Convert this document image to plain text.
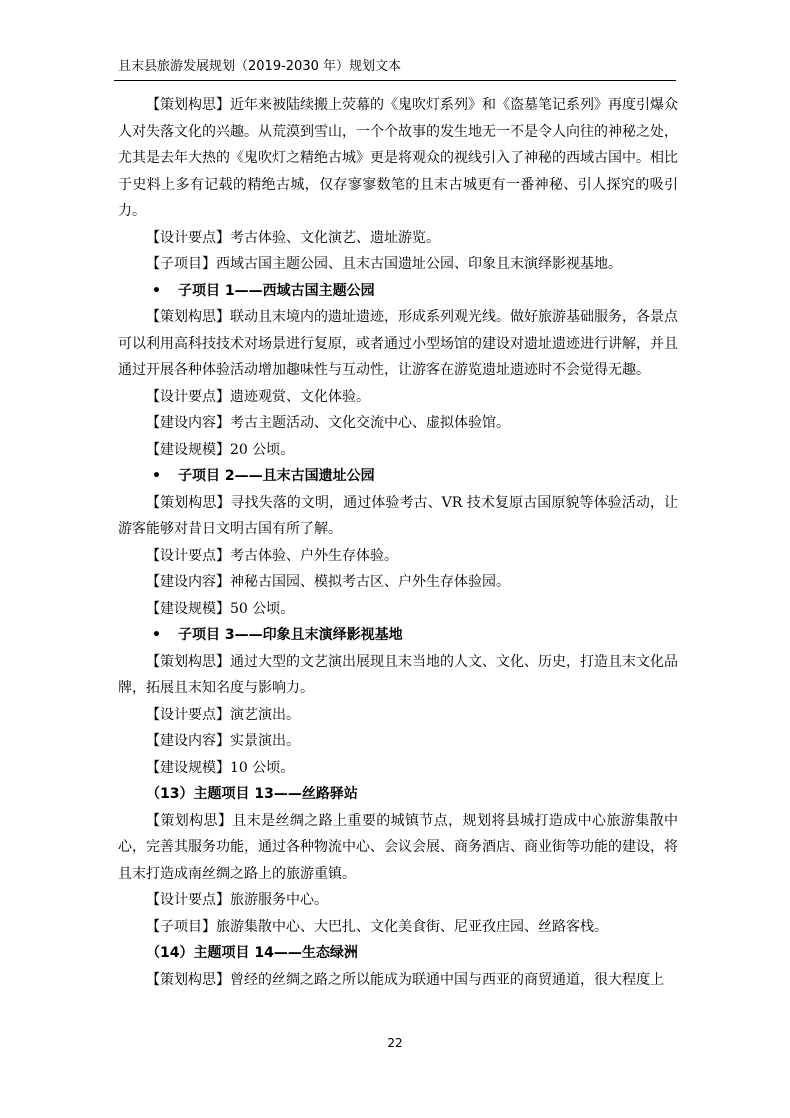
且末县旅游发展规划（2019-2030 年）规划文本

【策划构思】近年来被陆续搬上荧幕的《鬼吹灯系列》和《盗墓笔记系列》再度引爆众人对失落文化的兴趣。从荒漠到雪山，一个个故事的发生地无一不是令人向往的神秘之处，尤其是去年大热的《鬼吹灯之精绝古城》更是将观众的视线引入了神秘的西域古国中。相比于史料上多有记载的精绝古城，仅存寥寥数笔的且末古城更有一番神秘、引人探究的吸引力。

【设计要点】考古体验、文化演艺、遗址游览。

【子项目】西域古国主题公园、且末古国遗址公园、印象且末演绎影视基地。

• 子项目 1——西域古国主题公园

【策划构思】联动且末境内的遗址遗迹，形成系列观光线。做好旅游基础服务，各景点可以利用高科技技术对场景进行复原，或者通过小型场馆的建设对遗址遗迹进行讲解，并且通过开展各种体验活动增加趣味性与互动性，让游客在游览遗址遗迹时不会觉得无趣。

【设计要点】遗迹观赏、文化体验。

【建设内容】考古主题活动、文化交流中心、虚拟体验馆。

【建设规模】20 公顷。

• 子项目 2——且末古国遗址公园

【策划构思】寻找失落的文明，通过体验考古、VR 技术复原古国原貌等体验活动，让游客能够对昔日文明古国有所了解。

【设计要点】考古体验、户外生存体验。

【建设内容】神秘古国园、模拟考古区、户外生存体验园。

【建设规模】50 公顷。

• 子项目 3——印象且末演绎影视基地

【策划构思】通过大型的文艺演出展现且末当地的人文、文化、历史，打造且末文化品牌，拓展且末知名度与影响力。

【设计要点】演艺演出。

【建设内容】实景演出。

【建设规模】10 公顷。

（13）主题项目 13——丝路驿站

【策划构思】且末是丝绸之路上重要的城镇节点，规划将县城打造成中心旅游集散中心，完善其服务功能，通过各种物流中心、会议会展、商务酒店、商业街等功能的建设，将且末打造成南丝绸之路上的旅游重镇。

【设计要点】旅游服务中心。

【子项目】旅游集散中心、大巴扎、文化美食街、尼亚孜庄园、丝路客栈。

（14）主题项目 14——生态绿洲

【策划构思】曾经的丝绸之路之所以能成为联通中国与西亚的商贸通道，很大程度上

22
